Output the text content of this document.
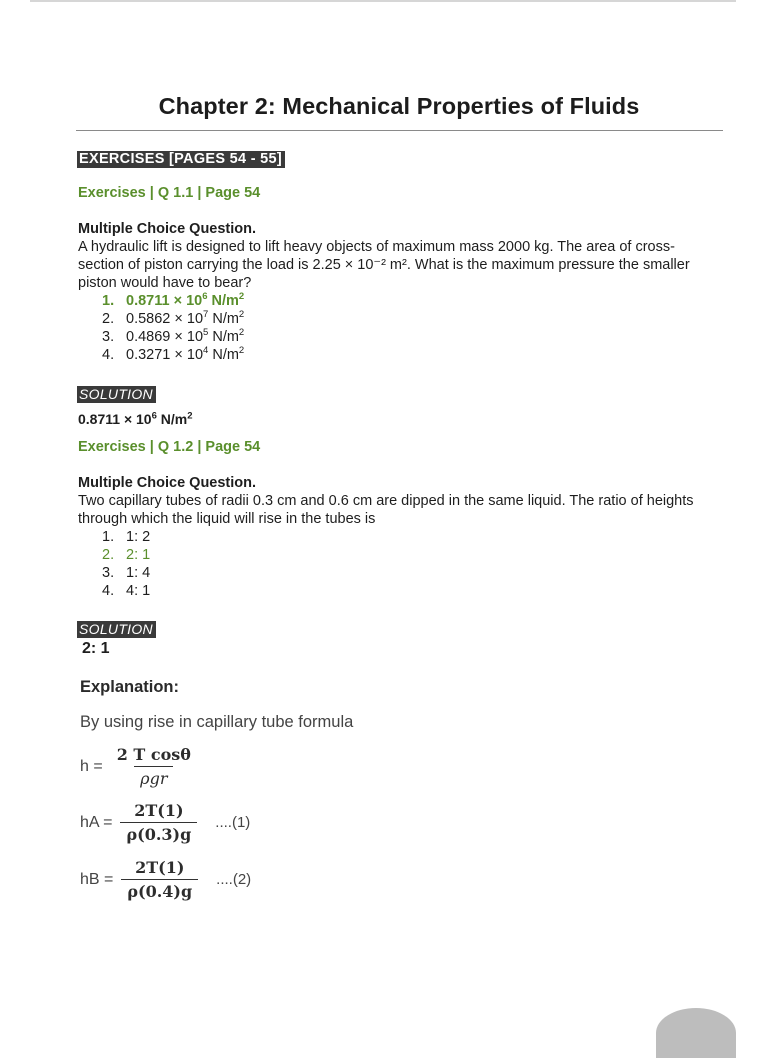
Chapter 2: Mechanical Properties of Fluids
EXERCISES [PAGES 54 - 55]
Exercises | Q 1.1 | Page 54
Multiple Choice Question.
A hydraulic lift is designed to lift heavy objects of maximum mass 2000 kg. The area of cross-section of piston carrying the load is 2.25 × 10⁻² m². What is the maximum pressure the smaller piston would have to bear?
1. $0.8711 \times 10^6$ $N/m^2$
2. $0.5862 \times 10^7$ $N/m^2$
3. $0.4869 \times 10^5$ $N/m^2$
4. $0.3271 \times 10^4$ $N/m^2$
SOLUTION
$0.8711 \times 10^6$ $N/m^2$
Exercises | Q 1.2 | Page 54
Multiple Choice Question.
Two capillary tubes of radii 0.3 cm and 0.6 cm are dipped in the same liquid. The ratio of heights through which the liquid will rise in the tubes is
1. 1: 2
2. 2: 1
3. 1: 4
4. 4: 1
SOLUTION
2: 1
Explanation:
By using rise in capillary tube formula
$h = \frac{\text{2 T cosθ}}{\text{ρgr}}$
hA = $\frac{2T(1)}{\rho(0.3)g} ....(1)$
hB = $\frac{2T(1)}{\rho(0.4)g} ....(2)$
